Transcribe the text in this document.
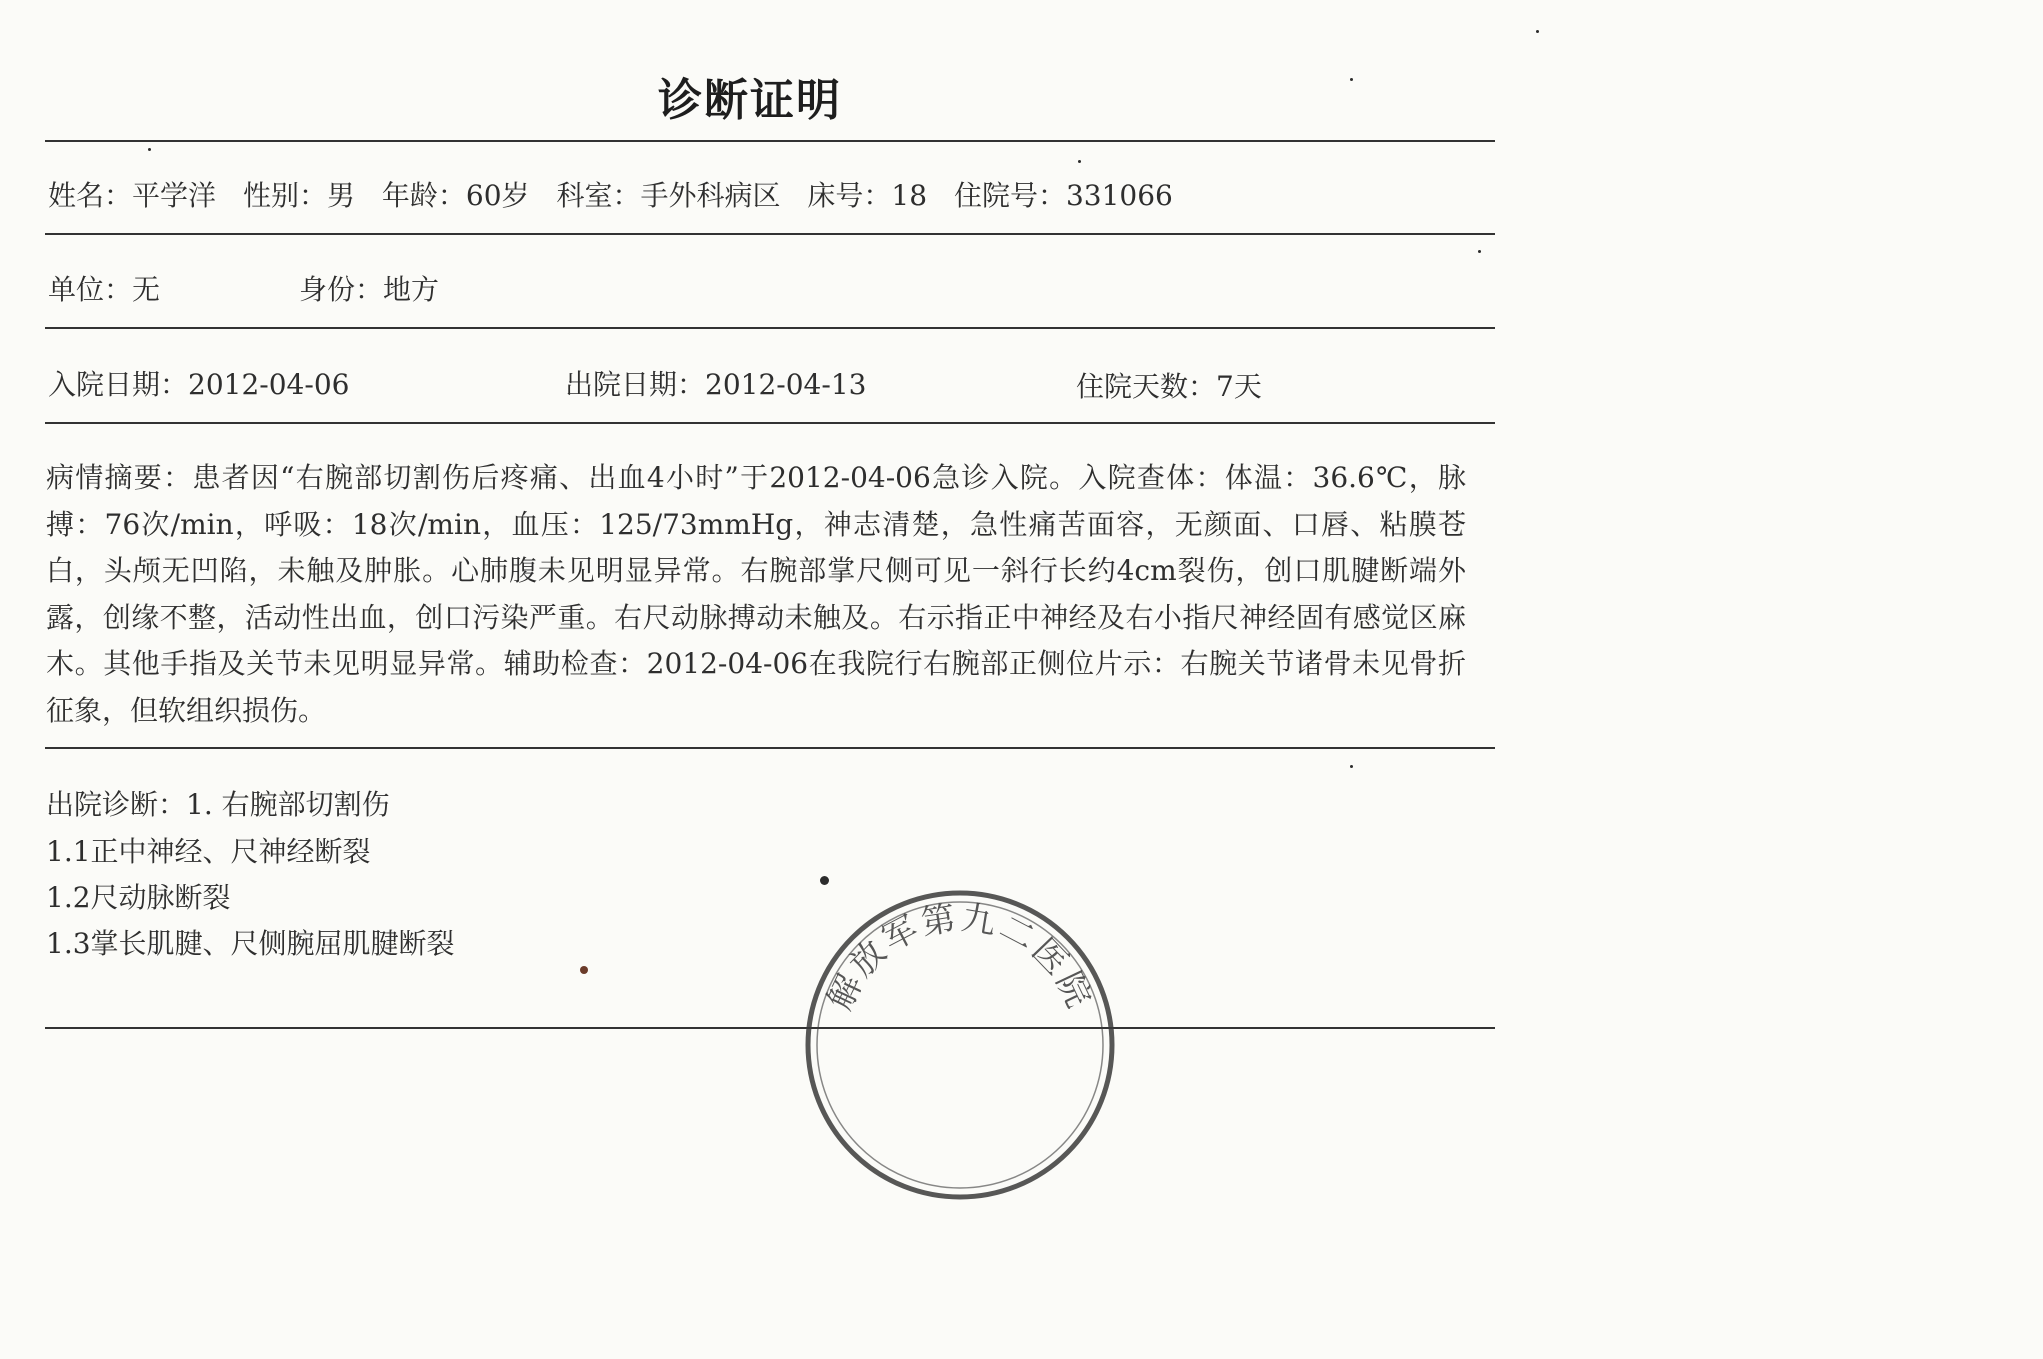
诊断证明
姓名：平学洋 性别：男 年龄：60岁 科室：手外科病区 床号：18 住院号：331066
单位：无	身份：地方
入院日期：2012-04-06	出院日期：2012-04-13	住院天数：7天
病情摘要：患者因“右腕部切割伤后疼痛、出血4小时”于2012-04-06急诊入院。入院查体：体温：36.6℃，脉搏：76次/min，呼吸：18次/min，血压：125/73mmHg，神志清楚，急性痛苦面容，无颜面、口唇、粘膜苍白，头颅无凹陷，未触及肿胀。心肺腹未见明显异常。右腕部掌尺侧可见一斜行长约4cm裂伤，创口肌腱断端外露，创缘不整，活动性出血，创口污染严重。右尺动脉搏动未触及。右示指正中神经及右小指尺神经固有感觉区麻木。其他手指及关节未见明显异常。辅助检查：2012-04-06在我院行右腕部正侧位片示：右腕关节诸骨未见骨折征象，但软组织损伤。
出院诊断：1. 右腕部切割伤
1.1正中神经、尺神经断裂
1.2尺动脉断裂
1.3掌长肌腱、尺侧腕屈肌腱断裂
解放军第九二医院
